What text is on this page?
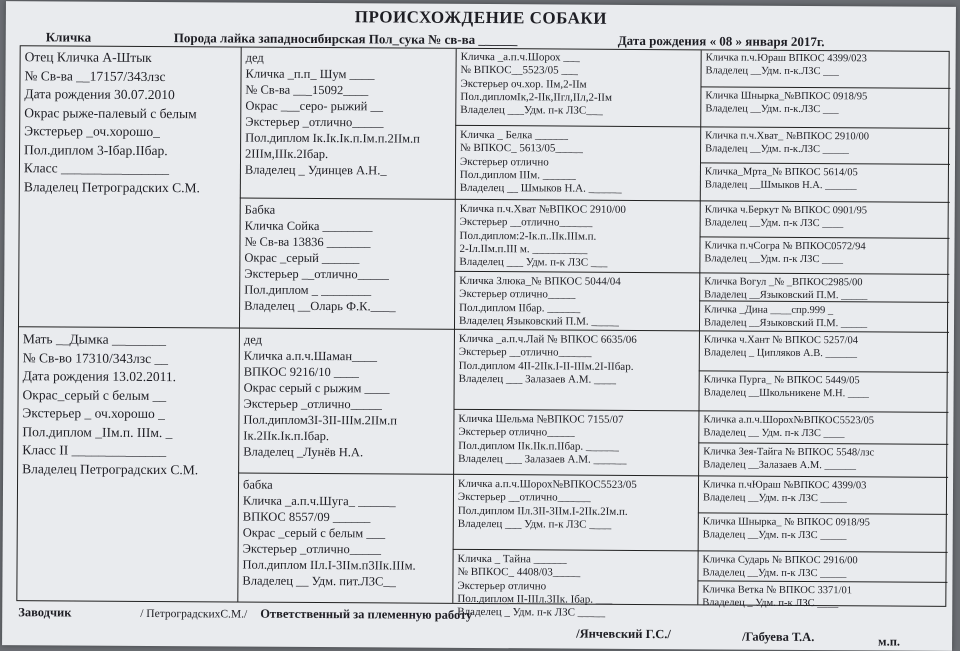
ПРОИСХОЖДЕНИЕ СОБАКИ
Кличка	Порода лайка западносибирская Пол_сука № св-ва ______	Дата рождения « 08 » января 2017г.
Отец Кличка А-Штык
№ Св-ва __17157/343лзс
Дата рождения 30.07.2010
Окрас рыже-палевый с белым
Экстерьер _оч.хорошо_
Пол.диплом 3-Iбар.IIбар.
Класс ________________
Владелец Петроградских С.М.
Мать __Дымка ________
№ Св-во 17310/343лзс __
Дата рождения 13.02.2011.
Окрас_серый с белым __
Экстерьер _ оч.хорошо _
Пол.диплом _IIм.п. IIIм. _
Класс II ______________
Владелец Петроградских С.М.
дед
Кличка _п.п_ Шум ____
№ Св-ва ___15092____
Окрас ___серо- рыжий __
Экстерьер _отлично_____
Пол.диплом Iк.Iк.Iк.п.Iм.п.2IIм.п
2IIIм,IIIк.2Iбар.
Владелец _ Удинцев А.Н._
Бабка
Кличка Сойка ________
№ Св-ва 13836 _______
Окрас _серый ______
Экстерьер __отлично_____
Пол.диплом _ ________
Владелец __Оларь Ф.К.____
дед
Кличка а.п.ч.Шаман____
ВПКОС 9216/10 ____
Окрас серый с рыжим ____
Экстерьер _отлично_____
Пол.диплом3I-3II-IIIм.2IIм.п
Iк.2IIк.Iк.п.Iбар.
Владелец _Лунёв Н.А.
бабка
Кличка _а.п.ч.Шуга_ ______
ВПКОС 8557/09 ______
Окрас _серый с белым ___
Экстерьер _отлично_____
Пол.диплом IIл.I-3IIм.п3IIк.IIIм.
Владелец __ Удм. пит.ЛЗС__
Кличка _а.п.ч.Шорох ___
№ ВПКОС__5523/05 ___
Экстерьер оч.хор. IIм,2-IIм
Пол.дипломIк,2-IIк,IIгл,IIл,2-IIм
Владелец ___Удм. п-к ЛЗС___
Кличка _ Белка ______
№ ВПКОС_ 5613/05_____
Экстерьер отлично
Пол.диплом IIIм. ______
Владелец __ Шмыков Н.А. ______
Кличка п.ч.Хват №ВПКОС 2910/00
Экстерьер __отлично______
Пол.диплом:2-Iк.п..IIк.IIIм.п.
2-Iл.IIм.п.III м. __________
Владелец ___ Удм. п-к ЛЗС ___
Кличка Злюка_№ ВПКОС 5044/04
Экстерьер отлично_____
Пол.диплом IIбар. ______
Владелец Языковский П.М. _____
Кличка _а.п.ч.Лай № ВПКОС 6635/06
Экстерьер __отлично______
Пол.диплом 4II-2IIк.I-II-IIIм.2I-IIбар.
Владелец ___ Залазаев А.М. ____
Кличка Шельма №ВПКОС 7155/07
Экстерьер отлично_____
Пол.диплом IIк.IIк.п.IIбар. ______
Владелец ___ Залазаев А.М. ______
Кличка а.п.ч.Шорох№ВПКОС5523/05
Экстерьер __отлично______
Пол.диплом IIл.3II-3IIм.I-2IIк.2Iм.п.
Владелец ___ Удм. п-к ЛЗС ____
Кличка _ Тайна ______
№ ВПКОС_ 4408/03_____
Экстерьер отлично
Пол.диплом II-IIIл.3IIк. Iбар. ___
Владелец _ Удм. п-к ЛЗС _____
Кличка п.ч.Юраш ВПКОС 4399/023
Владелец __Удм. п-к.ЛЗС ___
Кличка Шнырка_№ВПКОС 0918/95
Владелец __Удм. п-к.ЛЗС ___
Кличка п.ч.Хват_ №ВПКОС 2910/00
Владелец __Удм. п-к.ЛЗС _____
Кличка_Мрта_№ ВПКОС 5614/05
Владелец __Шмыков Н.А. ______
Кличка ч.Беркут № ВПКОС 0901/95
Владелец __Удм. п-к ЛЗС ____
Кличка п.чСогра № ВПКОС0572/94
Владелец __Удм. п-к ЛЗС ____
Кличка Вогул _№ _ВПКОС2985/00
Владелец __Языковский П.М. _____
Кличка _Дина ____спр.999 _
Владелец __Языковский П.М. _____
Кличка ч.Хант № ВПКОС 5257/04
Владелец _ Ципляков А.В. ______
Кличка Пурга_ № ВПКОС 5449/05
Владелец __Школьникене М.Н. ____
Кличка а.п.ч.Шорох№ВПКОС5523/05
Владелец __ Удм. п-к ЛЗС ____
Кличка Зея-Тайга № ВПКОС 5548/лзс
Владелец __Залазаев А.М. ______
Кличка п.чЮраш №ВПКОС 4399/03
Владелец __Удм. п-к ЛЗС _____
Кличка Шнырка_ № ВПКОС 0918/95
Владелец __Удм. п-к ЛЗС _____
Кличка Сударь № ВПКОС 2916/00
Владелец __Удм. п-к ЛЗС _____
Кличка Ветка № ВПКОС 3371/01
Владелец _ Удм. п-к ЛЗС ____
Заводчик	/ ПетроградскихС.М./ Ответственный за племенную работу
/Янчевский Г.С./	/Габуева Т.А.	м.п.
